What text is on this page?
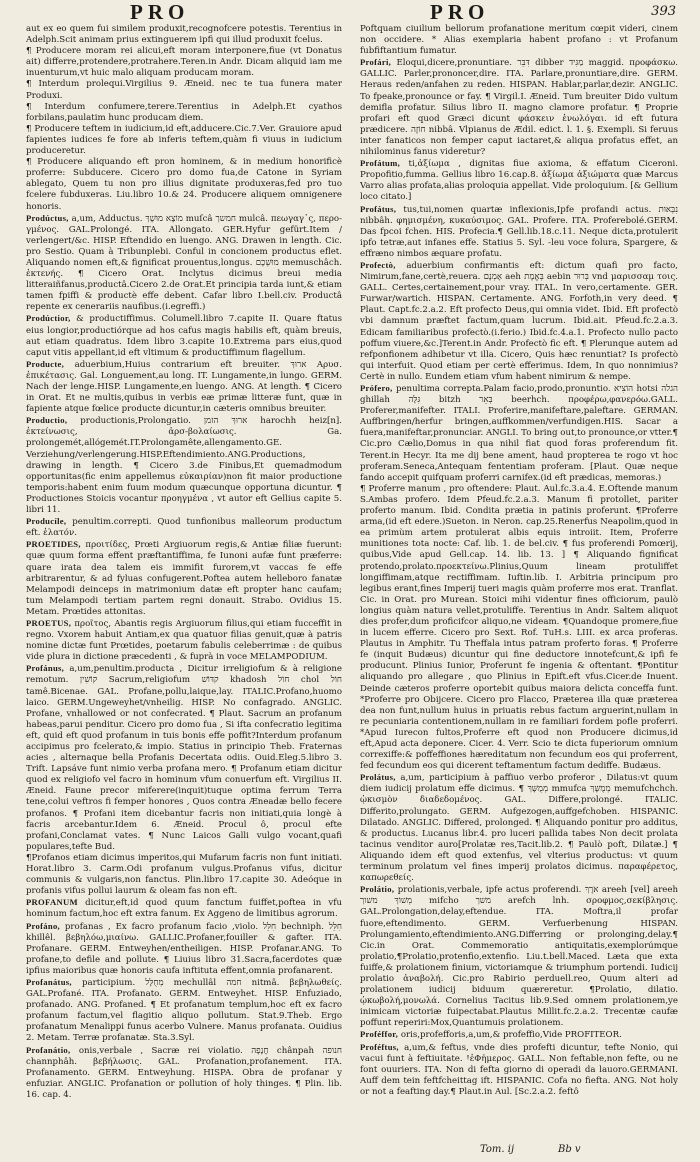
PRO	PRO	393

aut ex eo quem fui similem produxit,recognofcere potestis. Terentius in Adelph.Scit animam prius extinguerem ipfi qui illud produxit fcelus.

¶ Producere moram rei alicui,eft moram interponere,fiue (vt Donatus ait) differre,protendere,protrahere.Teren.in Andr. Dicam aliquid iam me inuenturum,vt huic malo aliquam producam moram.

¶ Interdum prolequi.Virgilius 9. Æneid. nec te tua funera mater Produxi.

¶ Interdum confumere,terere.Terentius in Adelph.Et cyathos forbilans,paulatim hunc producam diem.

¶ Producere teftem in iudicium,id eft,adducere.Cic.7.Ver. Grauiore apud fapientes iudices fe fore ab inferis teftem,quàm fi viuus in iudicium produceretur.

¶ Producere aliquando eft pron hominem, & in medium honorificè proferre: Subducere. Cicero pro domo fua,de Catone in Syriam ablegato, Quem tu non pro illius dignitate produxeras,fed pro tuo fcelere fubduxeras. Liu.libro 10.& 24. Producere aliquem omnigenere honoris.

Prodúctus, a,um, Adductus. מוֹצָא מוּשָׁךְ muſcâ חמשך mulcâ. πεωγαγ᾽ς, περο-γμένος. GAL.Prolongé. ITA. Allongato. GER.Hyfur gefürt.Item / verlengert/&c. HISP. Eftendido en luengo. ANG. Drawen in length. Cic. pro Sestio. Quam à Tribunplebi. Conful in concionem productus eflet. Aliquando nomen eft,& fignificat prouentus,longus. מוּשְׁכָם memuschâch. ἐκτενής. ¶ Cicero Orat. Inclytus dicimus breui media litteraiñfanus,productâ.Cicero 2.de Orat.Et principia tarda iunt,& etiam tamen fpiffi & productè effe debent. Cafar libro I.bell.civ. Productâ repente ex cenerariis naufibus.(i.egreffi.)

Prodúctior, & productiffimus. Columell.libro 7.capite II. Quare ftatus eius longior,productiórque ad hos cafus magis habilis eft, quàm breuis, aut etiam quadratus. Idem libro 3.capite 10.Extrema pars eius,quod caput vitis appellant,id eft vltimum & productiffimum flagellum.

Producte, aduerbium,Huius contrarium eft breuiter. ארוּךְ Αρυσ. ἐπικέτασις. Gal. Longuement,au long. IT. Lungamente,in lungo. GERM. Nach der lenge.HISP. Lungamente,en luengo. ANG. At length. ¶ Cicero in Orat. Et ne multis,quibus in verbis eæ primæ litteræ funt, quæ in fapiente atque fœlice producte dicuntur,in cæteris omnibus breuiter.

Productio, productionis,Prolongatio. ארוּךְ הזמן harochh heiz[n]. ἐκτείνωσις, ἀρσ-βολαίωσις. Ga. prolongemét,allógemét.IT.Prolongamête,allengamento.GE. Verziehung/verlengerung.HISP.Eftendimiento.ANG.Productions, drawing in length. ¶ Cicero 3.de Finibus,Et quemadmodum opportunitas(fic enim appellemus εὐκαιρίαν)non fit maior productione temporis:habent enim fuum modum quæcunque opportuna dicuntur. ¶ Productiones Stoicis vocantur προηγμένα , vt autor eft Gellius capite 5. libri 11.

Producíle, penultim.correpti. Quod tunfionibus malleorum productum eft. ἐλατόν.

PROETIDES, προιτίδες, Prœti Argiuorum regis,& Antiæ filiæ fuerunt: quæ quum forma effent præftantiffima, fe Iunoni aufæ funt præferre: quare irata dea talem eis immifit furorem,vt vaccas fe effe arbitrarentur, & ad fyluas confugerent.Poftea autem helleboro fanatæ Melampodi deinceps in matrimonium datæ eft propter hanc caufam; tum Melampodi tertiam partem regni donauit. Strabo. Ovidius 15. Metam. Prœtides attonitas.

PROETUS, προῖτος, Abantis regis Argiuorum filius,qui etiam fucceffit in regno. Vxorem habuit Antiam,ex qua quatuor filias genuit,quæ à patris nomine dictæ funt Prœtides, poetarum fabulis celeberrimæ : de quibus vide plura in dictione præcedenti , & fuprà in voce MELAMPODIUM.

Profánus, a,um,penultim.producta , Dicitur irreligiofum & à religione remotum. קוֹשִׁין Sacrum,religiofum קדּוֹשׁ khadosh חוֹל chol חוֹל tamê.Bicenae. GAL. Profane,pollu,laique,lay. ITALIC.Profano,huomo laico. GERM.Ungeweyhet/vnheilig. HISP. No confagrado. ANGLIC. Profane, vnhallowed or not confecrated. ¶ Plaut. Sacrum an profanum habeas,parui penditur. Cicero pro domo fua , Si ifta confecratio legitima eft, quid eft quod profanum in tuis bonis effe poffit?Interdum profanum accipimus pro fcelerato,& impio. Statius in principio Theb. Fraternas acies , alternaque bella Profanis Decertata odiis. Ouid.Eleg.5.libro 3. Trift. Lapsáve funt nimio verba profana mero. ¶ Profanum etiam dicitur quod ex religiofo vel facro in hominum vfum conuerfum eft. Virgilius II. Æneid. Faune precor miferere(inquit)tuque optima ferrum Terra tene,colui veftros fi femper honores , Quos contra Æneadæ bello fecere profanos. ¶ Profani item dicebantur facris non initiati,quia longè à facris arcebantur.Idem 6. Æneid. Procul ô, procul efte profani,Conclamat vates. ¶ Nunc Laicos Galli vulgo vocant,quafi populares,tefte Bud.

¶Profanos etiam dicimus imperitos,qui Mufarum facris non funt initiati. Horat.libro 3. Carm.Odi profanum vulgus.Profanus vifus, dicitur communis & vulgaris,non fanctus. Plin.libro 17.capite 30. Adeóque in profanis vifus pollui laurum & oleam fas non eft.

PROFANUM dicitur,eft,id quod quum fanctum fuiffet,poftea in vfu hominum factum,hoc eft extra fanum. Ex Aggeno de limitibus agrorum.

Profáno, profanas , Ex facro profanum facio ,violo. חִלֵּל bechniph. חִלֵּל khillêl. βεβηλόω,μιαίνω. GALLIC.Profaner,fouiller & gafter. ITA. Profanare. GERM. Entweyhen/entheiligen. HISP. Profanar.ANG. To profane,to defile and pollute. ¶ Liuius libro 31.Sacra,facerdotes quæ ipfius maioribus quæ honoris caufa inftituta effent,omnia profanarent.

Profanátus, participium. מְחֻלָּל mechullâl חמה nitmâ. βεβηλωθείς. GAL.Profané. ITA. Profanato. GERM. Entweyhet. HISP. Enfuziado, profanado. ANG. Profaned. ¶ Et profanatum templum,hoc eft ex facro profanum factum,vel flagitio aliquo pollutum. Stat.9.Theb. Ergo profanatum Menalippi funus acerbo Vulnere. Manus profanata. Ouidius 2. Metam. Terræ profanatæ. Sta.3.Syl.

Profanátio, onis,verbale , Sacræ rei violatio. חֲנָפָה chânpah חנופה channphâh. βεβήλωσις. GAL. Profanation,profanement. ITA. Profanamento. GERM. Entweyhung. HISPA. Obra de profanar y enfuziar. ANGLIC. Profanation or pollution of holy thinges. ¶ Plin. lib. 16. cap. 4.

Poftquam ciuilium bellorum profanatione meritum cœpit videri, cinem non occidere. * Alias exemplaria habent profano : vt Profanum fubfiftantium fumatur.

Profári, Eloqui,dicere,pronuntiare. דִּבֵּר dibber מַגִּיד maggid. προφάσκω. GALLIC. Parler,prononcer,dire. ITA. Parlare,pronuntiare,dire. GERM. Heraus reden/anfahen zu reden. HISPAN. Hablar,parlar,dezir. ANGLIC. To fpeake,pronounce or fay. ¶ Virgil.I. Æneid. Tum breuiter Dido vultum demifla profatur. Silius libro II. magno clamore profatur. ¶ Proprie profari eft quod Græci dicunt φάσκειν ἐνωλόγαι. id eft futura prædicere. חוֹזֶה nibbâ. Vlpianus de Ædil. edict. l. 1. §. Exempli. Si feruus inter fanaticos non femper caput iactaret,& aliqua profatus effet, an nihilominus fanus videretur?

Profátum, ti,ἀξίωμα , dignitas fiue axioma, & effatum Ciceroni. Propofitio,fumma. Gellius libro 16.cap.8. ἀξίωμα ἀξιώματα quæ Marcus Varro alias profata,alias proloquia appellat. Vide proloquium. [& Gellium loco citato.]

Profátus, tus,tui,nomen quartæ inflexionis,Ipfe profandi actus. נִבְּאוּת nibbâh. φημισμένη, κυκαύσιμος. GAL. Profere. ITA. Proferebolé.GERM. Das fpcoi fchen. HIS. Profecia.¶ Gell.lib.18.c.11. Neque dicta,protulerit ipfo tetræ,aut infanes effe. Statius 5. Syl. -leu voce folura, Spargere, & effræno nimbos æquare profatu.

Profectò, aduerbium confirmantis eft: dictum quafi pro facto, Nimirum,fane,certè,reuera. אָמְנָם aeh בְּאֱמֶת aebin בְּרוּר vnd μαρισσαμ τοις. GALL. Certes,certainement,pour vray. ITAL. In vero,certamente. GER. Furwar/wartich. HISPAN. Certamente. ANG. Forfoth,in very deed. ¶ Plaut. Capt.fc.2.a.2. Eft profecto Deus,qui omnia videt. Ibid. Eft profectò vbi damnum præftet factum,quam lucrum. Ibid.ait. Pfeud.fc.2.a.3. Edicam familiaribus profectò.(i.ferio.) Ibid.fc.4.a.1. Profecto nullo pacto poffum viuere,&c.]Terent.in Andr. Profectò fic eft. ¶ Plerunque autem ad refponfionem adhibetur vt illa. Cicero, Quis hæc renuntiat? Is profectò qui interfuit. Quod etiam per certè efferimus. Idem, In quo nonnimius? Certè in nullo. Eundem etiam vfum habent nimirum & nempe.

Prófero, penultima correpta.Palam facio,prodo,pronuntio. הוֹצִיא hotsi הגלה ghillah גִּלָּה bitzh בְּאֵר beerhch. προφέρω,φανερόω.GALL. Proferer,manifefter. ITALI. Proferire,manifeftare,paleftare. GERMAN. Auffbringen/herfur bringen,auffkommen/verfundigen.HIS. Sacar a fuera,manifeftar,pronunciar. ANGLI. To bring out,to pronounce,or vtter.¶ Cic.pro Cælio,Domus in qua nihil fiat quod foras proferendum fit. Terent.in Hecyr. Ita me dij bene ament, haud propterea te rogo vt hoc proferam.Seneca,Antequam fententiam proferam. [Plaut. Quæ neque fando accepit quifquam proferri carnifex.(id eft prædicas, memoras.)

¶ Proferre manum , pro oftendere: Plaut. Aul.fc.3.a.4. E.Oftende manum S.Ambas profero. Idem Pfeud.fc.2.a.3. Manum fi protollet, pariter proferto manum. Ibid. Condita prætia in patinis proferunt. ¶Proferre arma,(id eft edere.)Sueton. in Neron. cap.25.Renerfus Neapolim,quod in ea primùm artem protulerat albis equis introiit. Item, Proferre munitiones tota nocte: Caf. lib. 1. de bel.civ. ¶ fus proferendi Pomœrij, quibus,Vide apud Gell.cap. 14. lib. 13. ] ¶ Aliquando fignificat protendo,prolato.προεκτείνω.Plinius,Quum lineam protuliffet longiffimam,atque rectiffimam. Iuftin.lib. I. Arbitria principum pro legibus erant,fines Imperij tueri magis quàm proferre mos erat. Tranflat. Cic. in Orat. pro Murean. Stoici mihi videntur fines officiorum, paulò longius quàm natura vellet,protuliffe. Terentius in Andr. Saltem aliquot dies profer,dum proficifcor aliquo,ne videam. ¶Quandoque promere,fiue in lucem efferre. Cicero pro Sext. Rof. TuH.s. LIII. ex arca proferas. Plautus in Amphitr. Tu Theffala intus patram proferto foras. ¶ Proferre fe (inquit Budæus) dicuntur qui fine deductore innotefcunt,& ipfi fe producunt. Plinius Iunior, Proferunt fe ingenia & oftentant. ¶Pontitur aliquando pro allegare , quo Plinius in Epift.eft vfus.Cicer.de Inuent. Deinde cæteros proferre oportebit quibus maiora delicta conceffa funt. *Proferre pro Obijcere. Cicero pro Flacco, Præterea illa quæ præterea dea non funt,nullum huius in priuatis rebus factum arguerint,nullam in re pecuniaria contentionem,nullam in re familiari fordem pofle proferri. *Apud Iurecon fultos,Proferre eft quod non Producere dicimus,id eft,Apud acta deponere. Cicer. 4. Verr. Scio te dicta fuperiorum omnium correxiffe:& poffeffiones hæreditatum non fecundum eos qui proferrent, fed fecundum eos qui dicerent teftamentum factum dediffe. Budæus.

Prolátus, a,um, participium à paffiuo verbo proferor , Dilatus:vt quum diem iudicij prolatum effe dicimus. ¶ מְמֻשָּׁךְ mmufca מְמֻשָּׁךְ memufchchch. ᾠκισμὸν διαδεδομένος. GAL. Differe,prolongé. ITALIC. Differito,prolungato. GERM. Aufgezogen,auffgefchoben. HISPANIC. Dilatado. ANGLIC. Differed, prolonged. ¶ Aliquando ponitur pro additus, & productus. Lucanus libr.4. pro luceri pallida tabes Non decit prolata tacinus venditor auro[Prolatæ res,Tacit.lib.2. ¶ Paulò poft, Dilatæ.] ¶ Aliquando idem eft quod extenfus, vel vlterius productus: vt quum terminum prolatum vel fines imperij prolatos dicimus. παραφέρετος, καπωρεθείς.

Prolátio, prolationis,verbale, ipfe actus proferendi. אֹרֶךְ areeh [vel] areeh מְשׁוֹךְ משׁוך mifcho משׁך arefch lnh. σροφμος,σεκίβλησις. GAL.Prolongation,delay,eftendue. ITA. Moftra,il profar fuore,eftendimento. GERM. Verfuerbenung HISPAN. Prolungamiento,eftendimiento.ANG.Differring or prolonging,delay.¶ Cic.in Orat. Commemoratio antiquitatis,exemplorúmque prolatio,¶Prolatio,protenfio,extenfio. Liu.t.bell.Maced. Læta que exta fuiffe,& prolationem finium, victoriamque & triumphum portendi. Iudicij prolatio ἀναβολή. Cic.pro Rabirio perduell.reo, Quum alteri ad prolationem iudicij biduum quæreretur. ¶Prolatio, dilatio. ᾠκωβολή,μονωλά. Cornelius Tacitus lib.9.Sed omnem prolationem,ye inimicam victoriæ fuipectabat.Plautus Millit.fc.2.a.2. Trecentæ caufæ poffunt reperiri:Mox,Quantumuis prolationem.

Proféffor, oris,profefforis,a,um,& profeffio,Vide PROFITEOR.

Proféftus, a,um,& feftus, vnde dies profefti dicuntur, tefte Nonio, qui vacui funt à feftiuitate. ꞋἐΦἡμερος. GALL. Non feftable,non fefte, ou ne font ouuriers. ITA. Non di fefta giorno di operadi da lauoro.GERMANI. Auff dem tein feftfcheittag ift. HISPANIC. Cofa no fiefta. ANG. Not holy or not a feafting day.¶ Plaut.in Aul. [Sc.2.a.2. feftô

Tom. ij	Bb v
